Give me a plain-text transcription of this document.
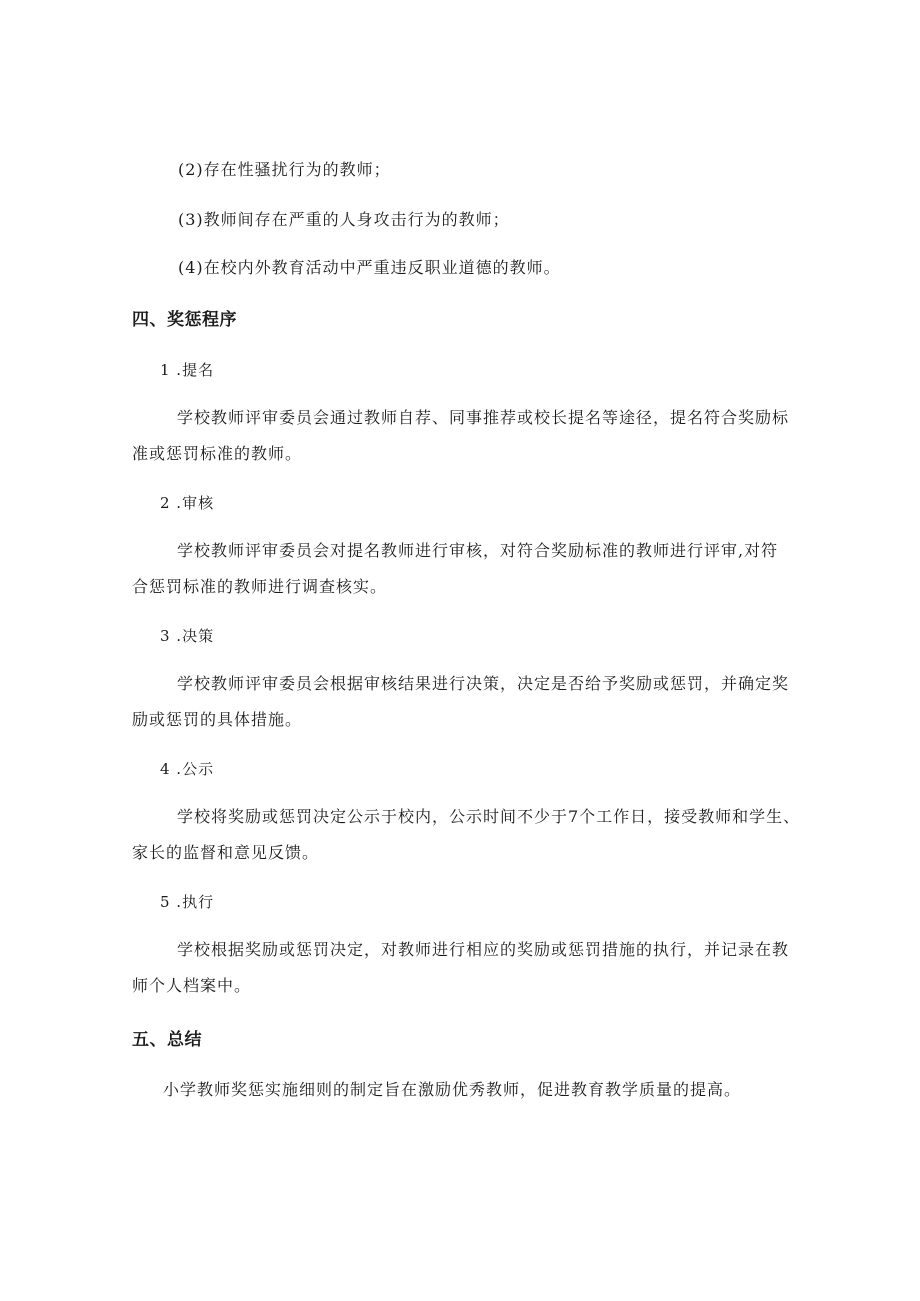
(2)存在性骚扰行为的教师；
(3)教师间存在严重的人身攻击行为的教师；
(4)在校内外教育活动中严重违反职业道德的教师。
四、奖惩程序
1 .提名
学校教师评审委员会通过教师自荐、同事推荐或校长提名等途径，提名符合奖励标
准或惩罚标准的教师。
2 .审核
学校教师评审委员会对提名教师进行审核，对符合奖励标准的教师进行评审,对符
合惩罚标准的教师进行调查核实。
3 .决策
学校教师评审委员会根据审核结果进行决策，决定是否给予奖励或惩罚，并确定奖
励或惩罚的具体措施。
4 .公示
学校将奖励或惩罚决定公示于校内，公示时间不少于7个工作日，接受教师和学生、
家长的监督和意见反馈。
5 .执行
学校根据奖励或惩罚决定，对教师进行相应的奖励或惩罚措施的执行，并记录在教
师个人档案中。
五、总结
小学教师奖惩实施细则的制定旨在激励优秀教师，促进教育教学质量的提高。
